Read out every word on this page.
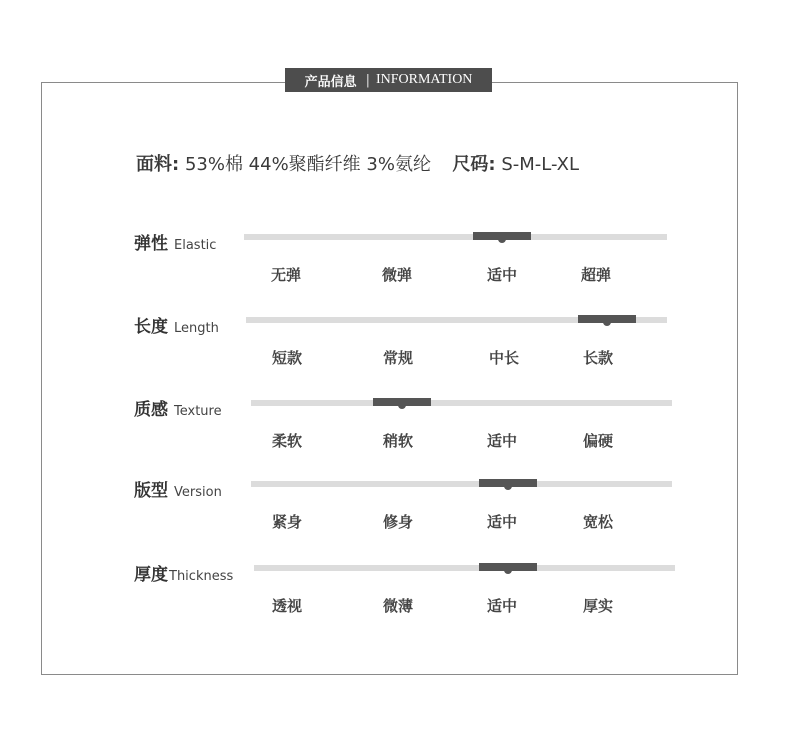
产品信息 | INFORMATION
面料: 53%棉 44%聚酯纤维 3%氨纶 尺码: S-M-L-XL
弹性 Elastic
无弹	微弹	适中	超弹
长度 Length
短款	常规	中长	长款
质感 Texture
柔软	稍软	适中	偏硬
版型 Version
紧身	修身	适中	宽松
厚度Thickness
透视	微薄	适中	厚实
